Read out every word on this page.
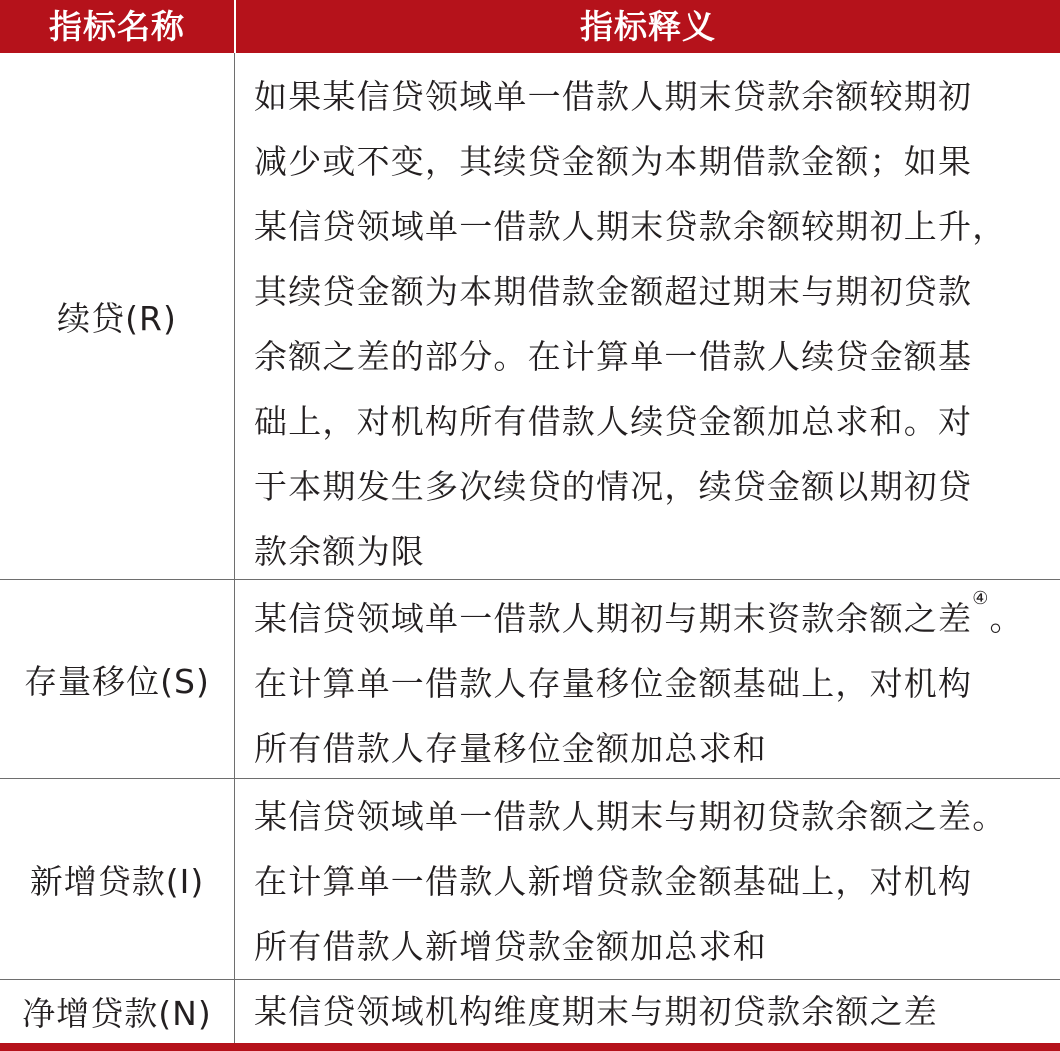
指标名称	指标释义
续贷(R)
如果某信贷领域单一借款人期末贷款余额较期初
减少或不变，其续贷金额为本期借款金额；如果
某信贷领域单一借款人期末贷款余额较期初上升，
其续贷金额为本期借款金额超过期末与期初贷款
余额之差的部分。在计算单一借款人续贷金额基
础上，对机构所有借款人续贷金额加总求和。对
于本期发生多次续贷的情况，续贷金额以期初贷
款余额为限
存量移位(S)
某信贷领域单一借款人期初与期末资款余额之差④。
在计算单一借款人存量移位金额基础上，对机构
所有借款人存量移位金额加总求和
新增贷款(I)
某信贷领域单一借款人期末与期初贷款余额之差。
在计算单一借款人新增贷款金额基础上，对机构
所有借款人新增贷款金额加总求和
净增贷款(N)	某信贷领域机构维度期末与期初贷款余额之差
